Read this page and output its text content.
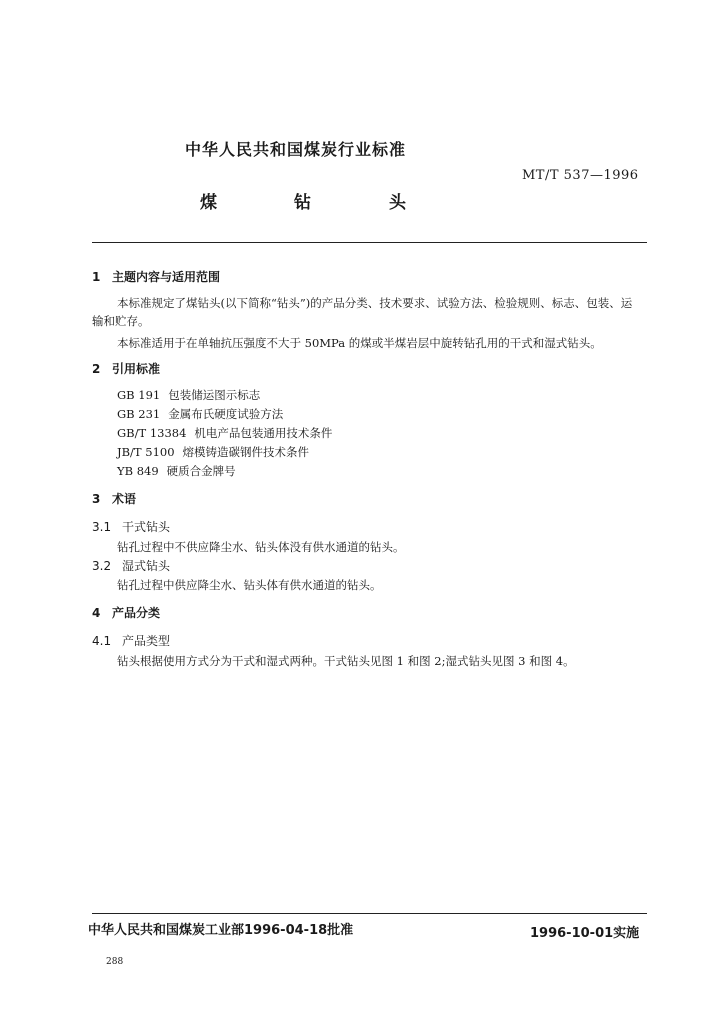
中华人民共和国煤炭行业标准
MT/T 537—1996
煤	钻	头
1 主题内容与适用范围
本标准规定了煤钻头(以下简称“钻头”)的产品分类、技术要求、试验方法、检验规则、标志、包装、运
输和贮存。
本标准适用于在单轴抗压强度不大于 50MPa 的煤或半煤岩层中旋转钻孔用的干式和湿式钻头。
2 引用标准
GB 191 包装储运图示标志
GB 231 金属布氏硬度试验方法
GB/T 13384 机电产品包装通用技术条件
JB/T 5100 熔模铸造碳钢件技术条件
YB 849 硬质合金牌号
3 术语
3.1 干式钻头
钻孔过程中不供应降尘水、钻头体没有供水通道的钻头。
3.2 湿式钻头
钻孔过程中供应降尘水、钻头体有供水通道的钻头。
4 产品分类
4.1 产品类型
钻头根据使用方式分为干式和湿式两种。干式钻头见图 1 和图 2;湿式钻头见图 3 和图 4。
中华人民共和国煤炭工业部1996-04-18批准	1996-10-01实施
288
